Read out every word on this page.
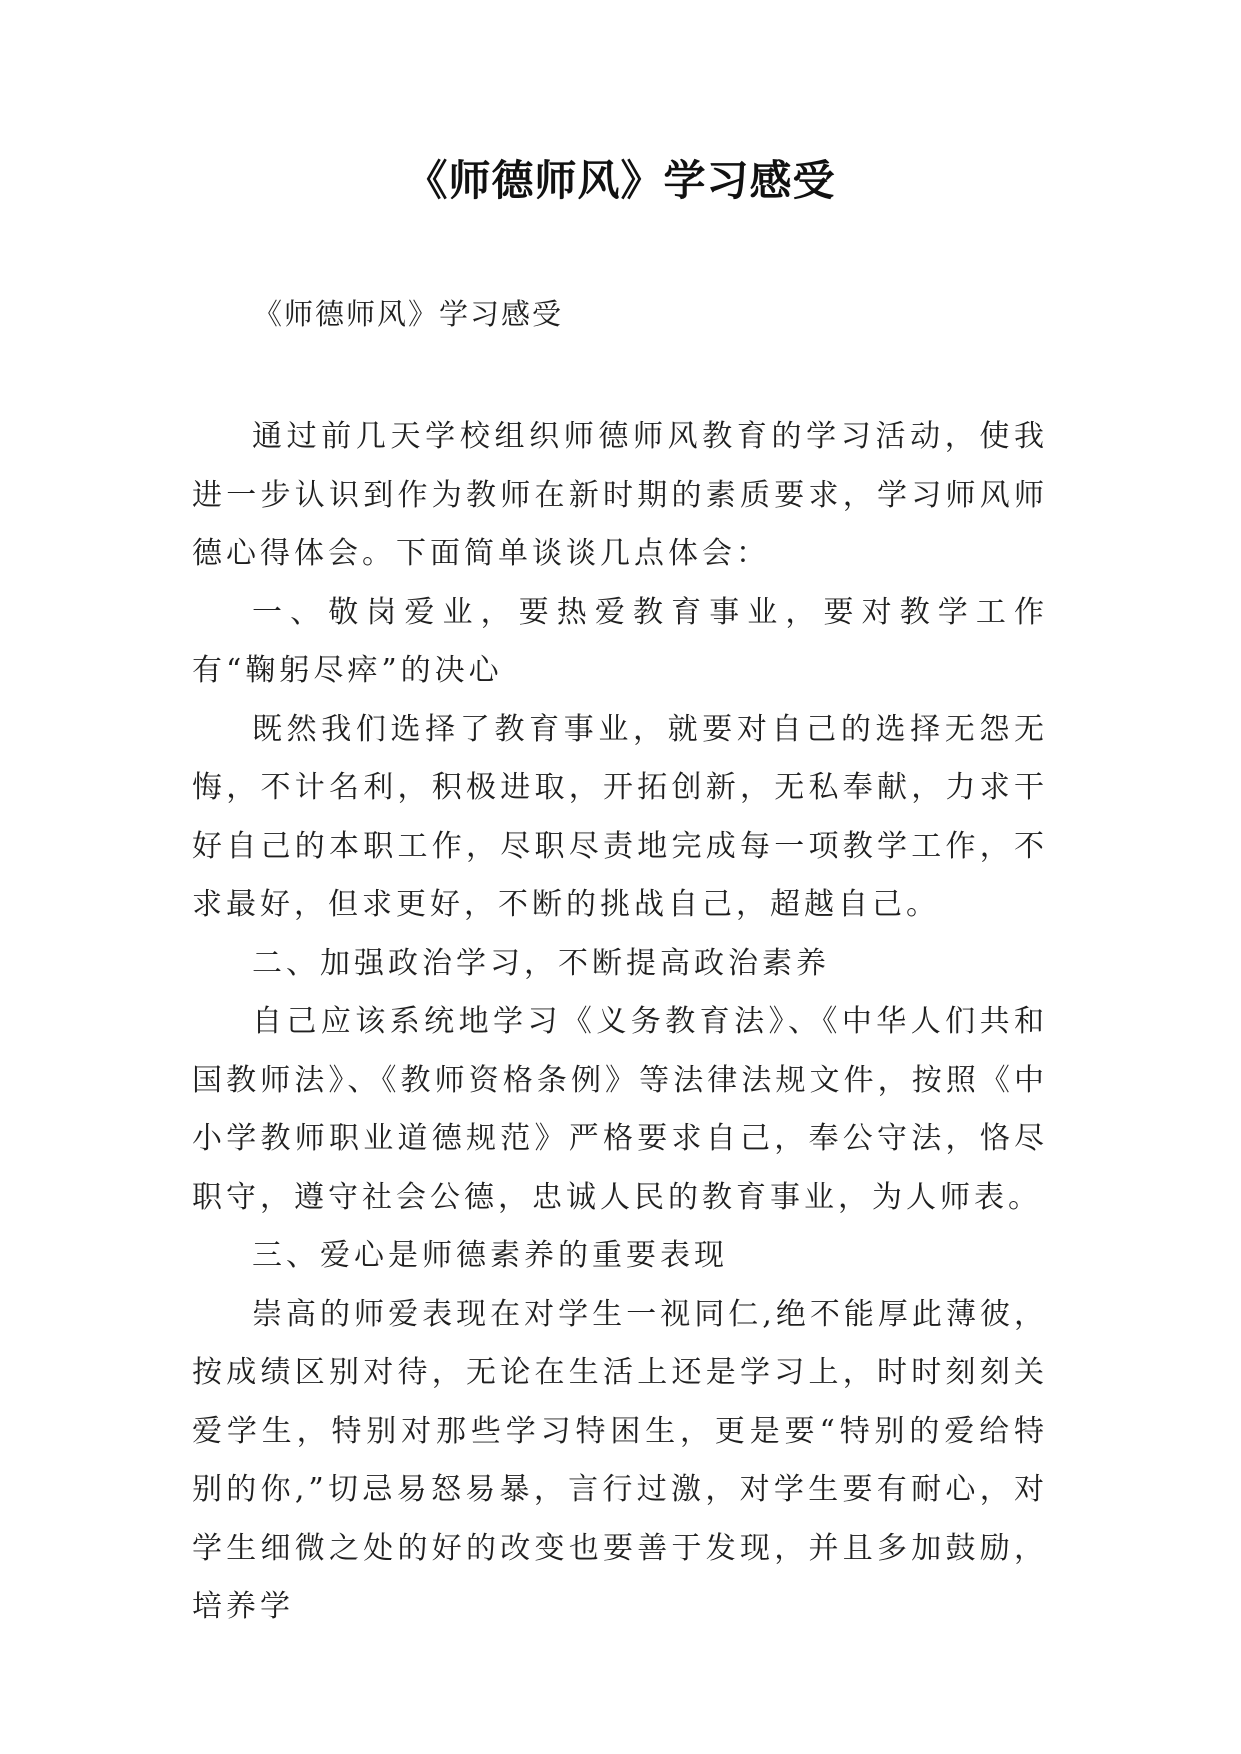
《师德师风》学习感受

《师德师风》学习感受

通过前几天学校组织师德师风教育的学习活动，使我进一步认识到作为教师在新时期的素质要求，学习师风师德心得体会。下面简单谈谈几点体会：

一、敬岗爱业，要热爱教育事业，要对教学工作有“鞠躬尽瘁”的决心

既然我们选择了教育事业，就要对自己的选择无怨无悔，不计名利，积极进取，开拓创新，无私奉献，力求干好自己的本职工作，尽职尽责地完成每一项教学工作，不求最好，但求更好，不断的挑战自己，超越自己。

二、加强政治学习，不断提高政治素养

自己应该系统地学习《义务教育法》、《中华人们共和国教师法》、《教师资格条例》等法律法规文件，按照《中小学教师职业道德规范》严格要求自己，奉公守法，恪尽职守，遵守社会公德，忠诚人民的教育事业，为人师表。

三、爱心是师德素养的重要表现

崇高的师爱表现在对学生一视同仁,绝不能厚此薄彼，按成绩区别对待，无论在生活上还是学习上，时时刻刻关爱学生，特别对那些学习特困生，更是要“特别的爱给特别的你,”切忌易怒易暴，言行过激，对学生要有耐心，对学生细微之处的好的改变也要善于发现，并且多加鼓励，培养学
